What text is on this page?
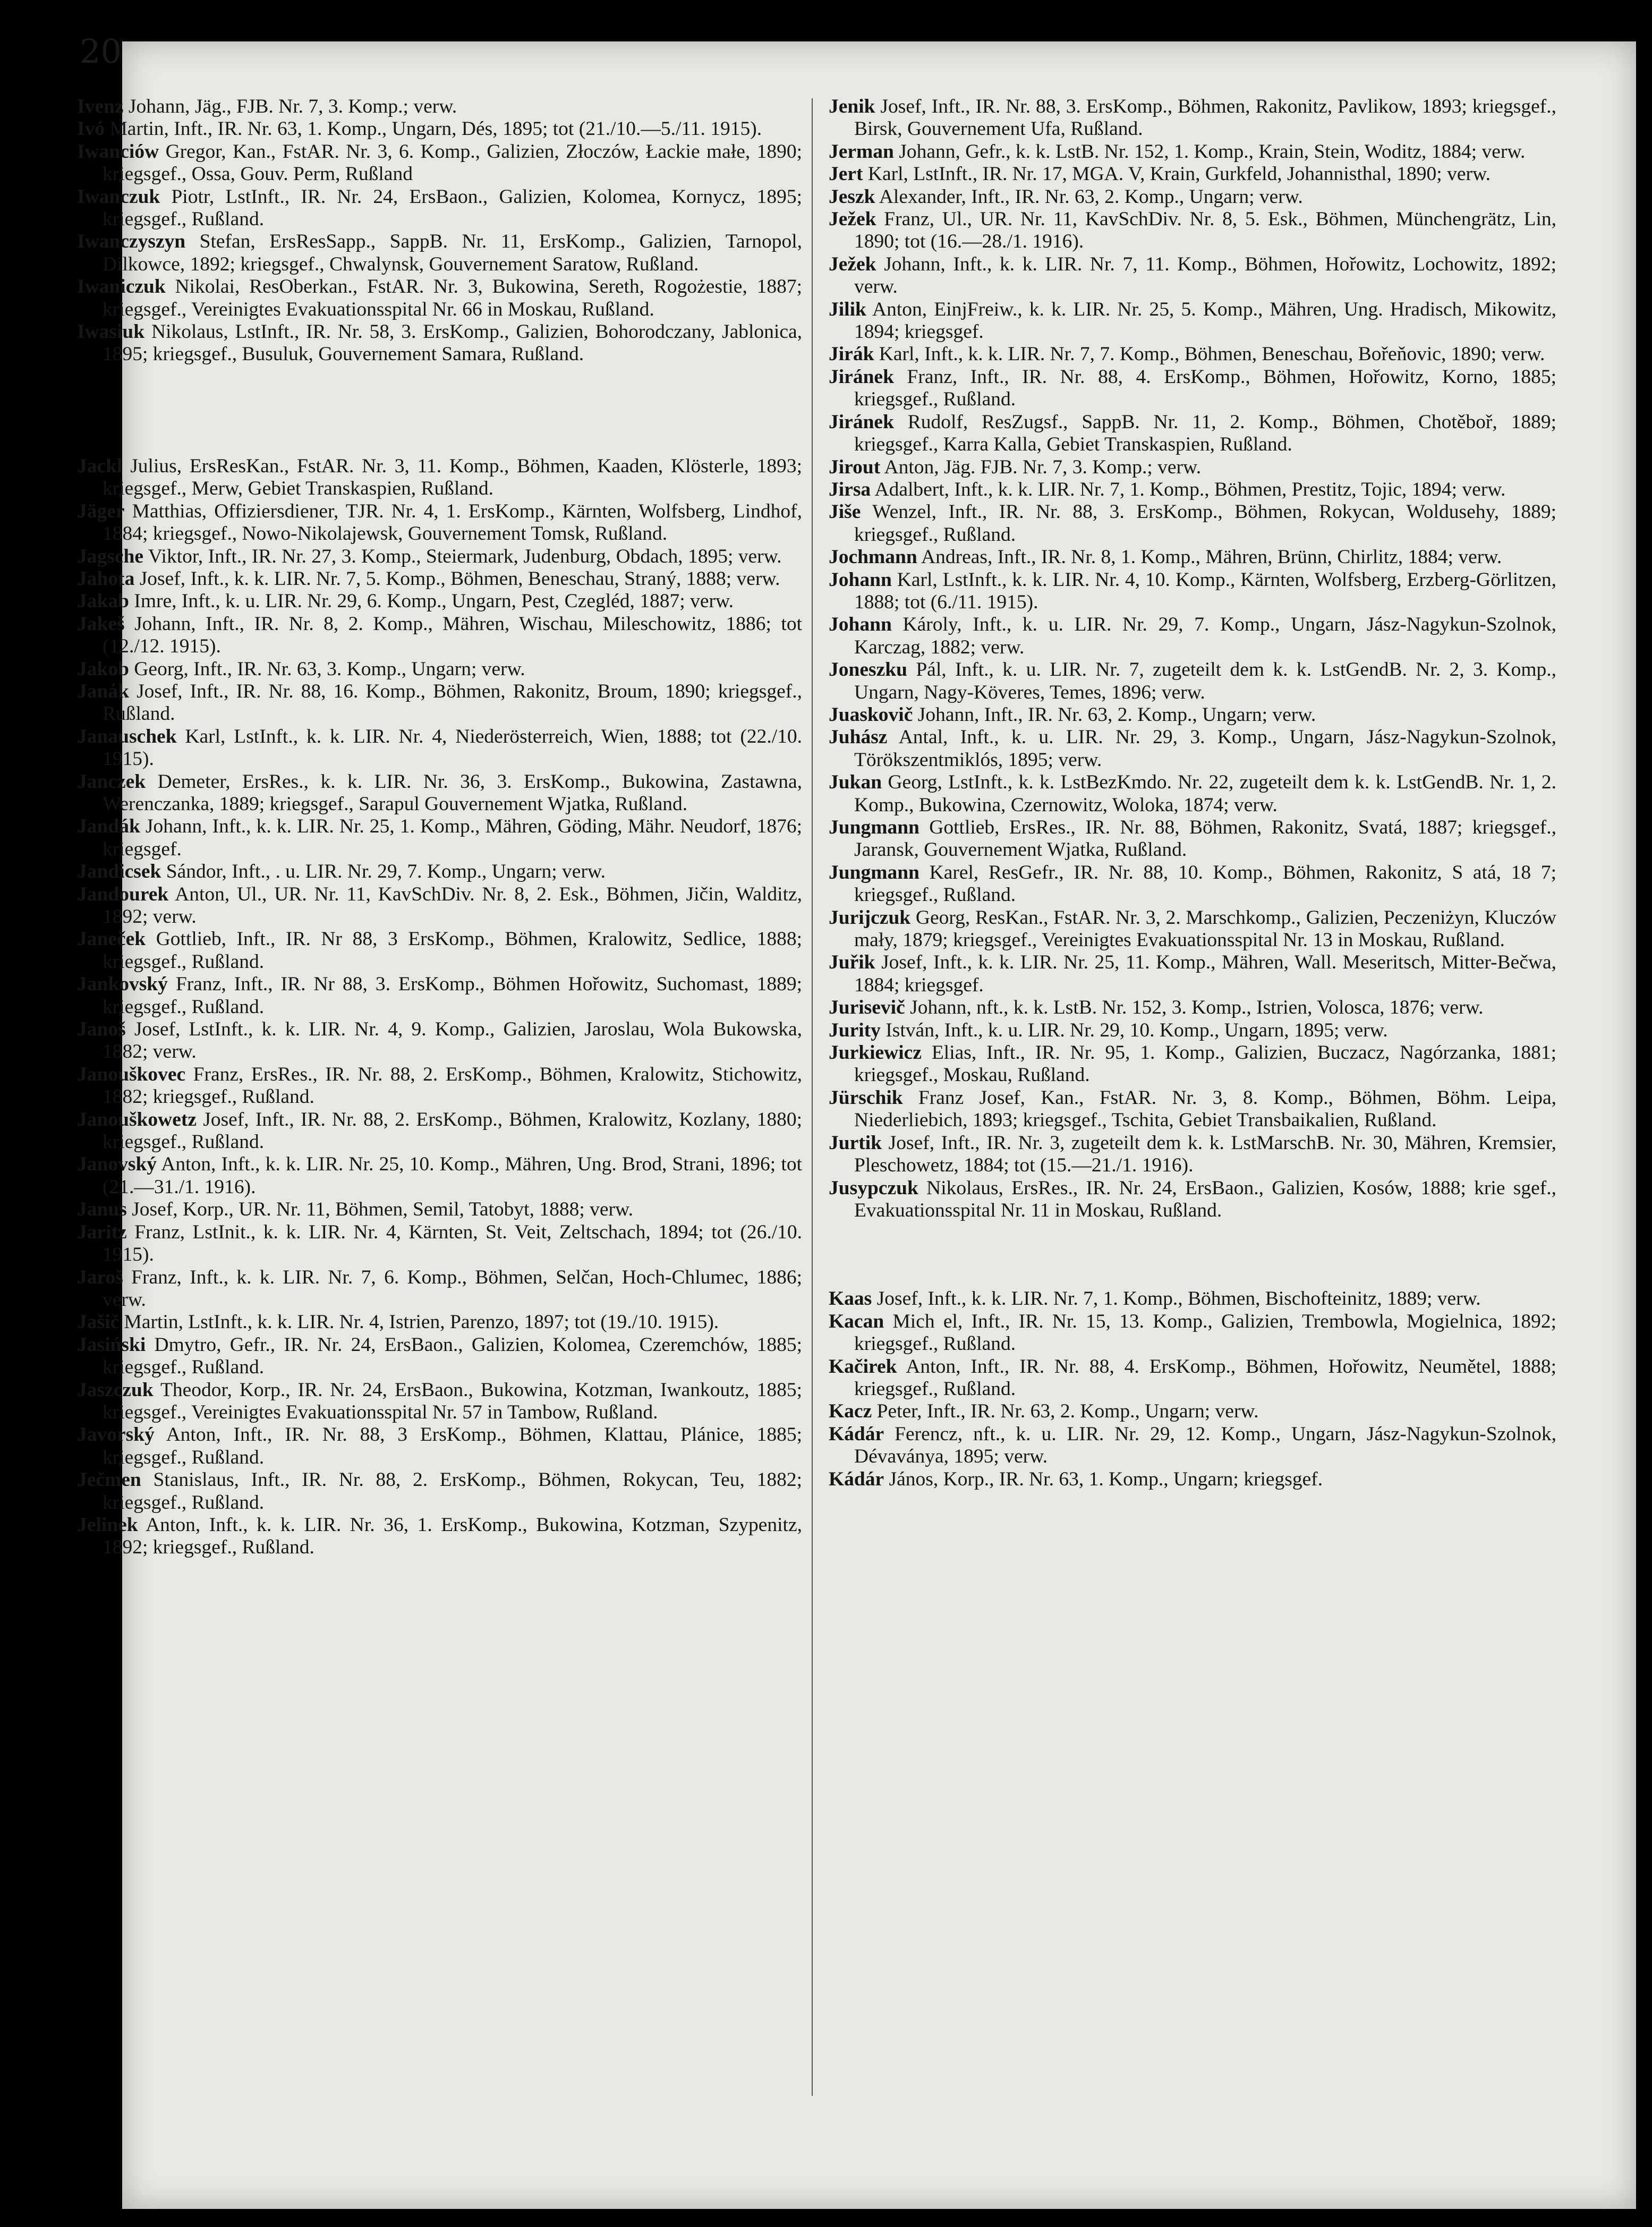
20

Ivenz Johann, Jäg., FJB. Nr. 7, 3. Komp.; verw.

Ivó Martin, Inft., IR. Nr. 63, 1. Komp., Ungarn, Dés, 1895; tot (21./10.—5./11. 1915).

Iwanciów Gregor, Kan., FstAR. Nr. 3, 6. Komp., Galizien, Złoczów, Łackie małe, 1890; kriegsgef., Ossa, Gouv. Perm, Rußland

Iwanczuk Piotr, LstInft., IR. Nr. 24, ErsBaon., Galizien, Kolomea, Kornycz, 1895; kriegsgef., Rußland.

Iwanczyszyn Stefan, ErsResSapp., SappB. Nr. 11, ErsKomp., Galizien, Tarnopol, Dilkowce, 1892; kriegsgef., Chwalynsk, Gouvernement Saratow, Rußland.

Iwaniczuk Nikolai, ResOberkan., FstAR. Nr. 3, Bukowina, Sereth, Rogożestie, 1887; kriegsgef., Vereinigtes Evakuationsspital Nr. 66 in Moskau, Rußland.

Iwasiuk Nikolaus, LstInft., IR. Nr. 58, 3. ErsKomp., Galizien, Bohorodczany, Jablonica, 1895; kriegsgef., Busuluk, Gouvernement Samara, Rußland.

Jackl Julius, ErsResKan., FstAR. Nr. 3, 11. Komp., Böhmen, Kaaden, Klösterle, 1893; kriegsgef., Merw, Gebiet Transkaspien, Rußland.

Jäger Matthias, Offiziersdiener, TJR. Nr. 4, 1. ErsKomp., Kärnten, Wolfsberg, Lindhof, 1884; kriegsgef., Nowo-Nikolajewsk, Gouvernement Tomsk, Rußland.

Jagsche Viktor, Inft., IR. Nr. 27, 3. Komp., Steiermark, Judenburg, Obdach, 1895; verw.

Jahota Josef, Inft., k. k. LIR. Nr. 7, 5. Komp., Böhmen, Beneschau, Straný, 1888; verw.

Jakab Imre, Inft., k. u. LIR. Nr. 29, 6. Komp., Ungarn, Pest, Czegléd, 1887; verw.

Jakeš Johann, Inft., IR. Nr. 8, 2. Komp., Mähren, Wischau, Mileschowitz, 1886; tot (12./12. 1915).

Jakob Georg, Inft., IR. Nr. 63, 3. Komp., Ungarn; verw.

Janák Josef, Inft., IR. Nr. 88, 16. Komp., Böhmen, Rakonitz, Broum, 1890; kriegsgef., Rußland.

Janauschek Karl, LstInft., k. k. LIR. Nr. 4, Niederösterreich, Wien, 1888; tot (22./10. 1915).

Janczek Demeter, ErsRes., k. k. LIR. Nr. 36, 3. ErsKomp., Bukowina, Zastawna, Werenczanka, 1889; kriegsgef., Sarapul Gouvernement Wjatka, Rußland.

Jandák Johann, Inft., k. k. LIR. Nr. 25, 1. Komp., Mähren, Göding, Mähr. Neudorf, 1876; kriegsgef.

Jandicsek Sándor, Inft., . u. LIR. Nr. 29, 7. Komp., Ungarn; verw.

Jandourek Anton, Ul., UR. Nr. 11, KavSchDiv. Nr. 8, 2. Esk., Böhmen, Jičin, Walditz, 1892; verw.

Janeček Gottlieb, Inft., IR. Nr 88, 3 ErsKomp., Böhmen, Kralowitz, Sedlice, 1888; kriegsgef., Rußland.

Jankovský Franz, Inft., IR. Nr 88, 3. ErsKomp., Böhmen Hořowitz, Suchomast, 1889; kriegsgef., Rußland.

Janoš Josef, LstInft., k. k. LIR. Nr. 4, 9. Komp., Galizien, Jaroslau, Wola Bukowska, 1882; verw.

Janouškovec Franz, ErsRes., IR. Nr. 88, 2. ErsKomp., Böhmen, Kralowitz, Stichowitz, 1882; kriegsgef., Rußland.

Janouškowetz Josef, Inft., IR. Nr. 88, 2. ErsKomp., Böhmen, Kralowitz, Kozlany, 1880; kriegsgef., Rußland.

Janovský Anton, Inft., k. k. LIR. Nr. 25, 10. Komp., Mähren, Ung. Brod, Strani, 1896; tot (21.—31./1. 1916).

Janus Josef, Korp., UR. Nr. 11, Böhmen, Semil, Tatobyt, 1888; verw.

Jaritz Franz, LstInit., k. k. LIR. Nr. 4, Kärnten, St. Veit, Zeltschach, 1894; tot (26./10. 1915).

Jaroš Franz, Inft., k. k. LIR. Nr. 7, 6. Komp., Böhmen, Selčan, Hoch-Chlumec, 1886; verw.

Jašič Martin, LstInft., k. k. LIR. Nr. 4, Istrien, Parenzo, 1897; tot (19./10. 1915).

Jasiński Dmytro, Gefr., IR. Nr. 24, ErsBaon., Galizien, Kolomea, Czeremchów, 1885; kriegsgef., Rußland.

Jaszczuk Theodor, Korp., IR. Nr. 24, ErsBaon., Bukowina, Kotzman, Iwankoutz, 1885; kriegsgef., Vereinigtes Evakuationsspital Nr. 57 in Tambow, Rußland.

Javorský Anton, Inft., IR. Nr. 88, 3 ErsKomp., Böhmen, Klattau, Plánice, 1885; kriegsgef., Rußland.

Ječmen Stanislaus, Inft., IR. Nr. 88, 2. ErsKomp., Böhmen, Rokycan, Teu, 1882; kriegsgef., Rußland.

Jelinek Anton, Inft., k. k. LIR. Nr. 36, 1. ErsKomp., Bukowina, Kotzman, Szypenitz, 1892; kriegsgef., Rußland.

Jenik Josef, Inft., IR. Nr. 88, 3. ErsKomp., Böhmen, Rakonitz, Pavlikow, 1893; kriegsgef., Birsk, Gouvernement Ufa, Rußland.

Jerman Johann, Gefr., k. k. LstB. Nr. 152, 1. Komp., Krain, Stein, Woditz, 1884; verw.

Jert Karl, LstInft., IR. Nr. 17, MGA. V, Krain, Gurkfeld, Johannisthal, 1890; verw.

Jeszk Alexander, Inft., IR. Nr. 63, 2. Komp., Ungarn; verw.

Ježek Franz, Ul., UR. Nr. 11, KavSchDiv. Nr. 8, 5. Esk., Böhmen, Münchengrätz, Lin, 1890; tot (16.—28./1. 1916).

Ježek Johann, Inft., k. k. LIR. Nr. 7, 11. Komp., Böhmen, Hořowitz, Lochowitz, 1892; verw.

Jilik Anton, EinjFreiw., k. k. LIR. Nr. 25, 5. Komp., Mähren, Ung. Hradisch, Mikowitz, 1894; kriegsgef.

Jirák Karl, Inft., k. k. LIR. Nr. 7, 7. Komp., Böhmen, Beneschau, Bořeňovic, 1890; verw.

Jiránek Franz, Inft., IR. Nr. 88, 4. ErsKomp., Böhmen, Hořowitz, Korno, 1885; kriegsgef., Rußland.

Jiránek Rudolf, ResZugsf., SappB. Nr. 11, 2. Komp., Böhmen, Chotěboř, 1889; kriegsgef., Karra Kalla, Gebiet Transkaspien, Rußland.

Jirout Anton, Jäg. FJB. Nr. 7, 3. Komp.; verw.

Jirsa Adalbert, Inft., k. k. LIR. Nr. 7, 1. Komp., Böhmen, Prestitz, Tojic, 1894; verw.

Jiše Wenzel, Inft., IR. Nr. 88, 3. ErsKomp., Böhmen, Rokycan, Woldusehy, 1889; kriegsgef., Rußland.

Jochmann Andreas, Inft., IR. Nr. 8, 1. Komp., Mähren, Brünn, Chirlitz, 1884; verw.

Johann Karl, LstInft., k. k. LIR. Nr. 4, 10. Komp., Kärnten, Wolfsberg, Erzberg-Görlitzen, 1888; tot (6./11. 1915).

Johann Károly, Inft., k. u. LIR. Nr. 29, 7. Komp., Ungarn, Jász-Nagykun-Szolnok, Karczag, 1882; verw.

Joneszku Pál, Inft., k. u. LIR. Nr. 7, zugeteilt dem k. k. LstGendB. Nr. 2, 3. Komp., Ungarn, Nagy-Köveres, Temes, 1896; verw.

Juaskovič Johann, Inft., IR. Nr. 63, 2. Komp., Ungarn; verw.

Juhász Antal, Inft., k. u. LIR. Nr. 29, 3. Komp., Ungarn, Jász-Nagykun-Szolnok, Törökszentmiklós, 1895; verw.

Jukan Georg, LstInft., k. k. LstBezKmdo. Nr. 22, zugeteilt dem k. k. LstGendB. Nr. 1, 2. Komp., Bukowina, Czernowitz, Woloka, 1874; verw.

Jungmann Gottlieb, ErsRes., IR. Nr. 88, Böhmen, Rakonitz, Svatá, 1887; kriegsgef., Jaransk, Gouvernement Wjatka, Rußland.

Jungmann Karel, ResGefr., IR. Nr. 88, 10. Komp., Böhmen, Rakonitz, S atá, 18 7; kriegsgef., Rußland.

Jurijczuk Georg, ResKan., FstAR. Nr. 3, 2. Marschkomp., Galizien, Peczeniżyn, Kluczów mały, 1879; kriegsgef., Vereinigtes Evakuationsspital Nr. 13 in Moskau, Rußland.

Juřik Josef, Inft., k. k. LIR. Nr. 25, 11. Komp., Mähren, Wall. Meseritsch, Mitter-Bečwa, 1884; kriegsgef.

Jurisevič Johann, nft., k. k. LstB. Nr. 152, 3. Komp., Istrien, Volosca, 1876; verw.

Jurity István, Inft., k. u. LIR. Nr. 29, 10. Komp., Ungarn, 1895; verw.

Jurkiewicz Elias, Inft., IR. Nr. 95, 1. Komp., Galizien, Buczacz, Nagórzanka, 1881; kriegsgef., Moskau, Rußland.

Jürschik Franz Josef, Kan., FstAR. Nr. 3, 8. Komp., Böhmen, Böhm. Leipa, Niederliebich, 1893; kriegsgef., Tschita, Gebiet Transbaikalien, Rußland.

Jurtik Josef, Inft., IR. Nr. 3, zugeteilt dem k. k. LstMarschB. Nr. 30, Mähren, Kremsier, Pleschowetz, 1884; tot (15.—21./1. 1916).

Jusypczuk Nikolaus, ErsRes., IR. Nr. 24, ErsBaon., Galizien, Kosów, 1888; krie sgef., Evakuationsspital Nr. 11 in Moskau, Rußland.

Kaas Josef, Inft., k. k. LIR. Nr. 7, 1. Komp., Böhmen, Bischofteinitz, 1889; verw.

Kacan Mich el, Inft., IR. Nr. 15, 13. Komp., Galizien, Trembowla, Mogielnica, 1892; kriegsgef., Rußland.

Kačirek Anton, Inft., IR. Nr. 88, 4. ErsKomp., Böhmen, Hořowitz, Neumětel, 1888; kriegsgef., Rußland.

Kacz Peter, Inft., IR. Nr. 63, 2. Komp., Ungarn; verw.

Kádár Ferencz, nft., k. u. LIR. Nr. 29, 12. Komp., Ungarn, Jász-Nagykun-Szolnok, Dévaványa, 1895; verw.

Kádár János, Korp., IR. Nr. 63, 1. Komp., Ungarn; kriegsgef.
